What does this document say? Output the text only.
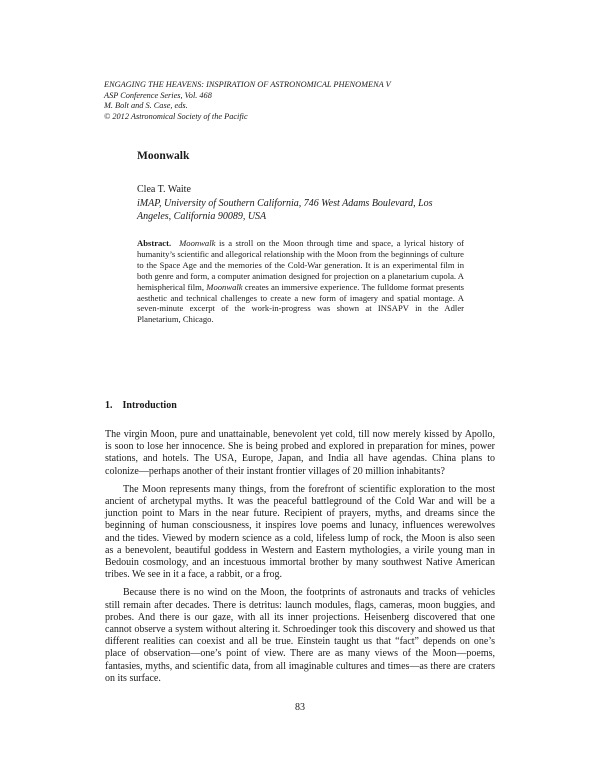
ENGAGING THE HEAVENS: INSPIRATION OF ASTRONOMICAL PHENOMENA V
ASP Conference Series, Vol. 468
M. Bolt and S. Case, eds.
© 2012 Astronomical Society of the Pacific
Moonwalk
Clea T. Waite
iMAP, University of Southern California, 746 West Adams Boulevard, Los Angeles, California 90089, USA
Abstract. Moonwalk is a stroll on the Moon through time and space, a lyrical history of humanity’s scientific and allegorical relationship with the Moon from the beginnings of culture to the Space Age and the memories of the Cold-War generation. It is an experimental film in both genre and form, a computer animation designed for projection on a planetarium cupola. A hemispherical film, Moonwalk creates an immersive experience. The fulldome format presents aesthetic and technical challenges to create a new form of imagery and spatial montage. A seven-minute excerpt of the work-in-progress was shown at INSAPV in the Adler Planetarium, Chicago.
1. Introduction

The virgin Moon, pure and unattainable, benevolent yet cold, till now merely kissed by Apollo, is soon to lose her innocence. She is being probed and explored in preparation for mines, power stations, and hotels. The USA, Europe, Japan, and India all have agendas. China plans to colonize—perhaps another of their instant frontier villages of 20 million inhabitants?

The Moon represents many things, from the forefront of scientific exploration to the most ancient of archetypal myths. It was the peaceful battleground of the Cold War and will be a junction point to Mars in the near future. Recipient of prayers, myths, and dreams since the beginning of human consciousness, it inspires love poems and lunacy, influences werewolves and the tides. Viewed by modern science as a cold, lifeless lump of rock, the Moon is also seen as a benevolent, beautiful goddess in Western and Eastern mythologies, a virile young man in Bedouin cosmology, and an incestuous immortal brother by many southwest Native American tribes. We see in it a face, a rabbit, or a frog.

Because there is no wind on the Moon, the footprints of astronauts and tracks of vehicles still remain after decades. There is detritus: launch modules, flags, cameras, moon buggies, and probes. And there is our gaze, with all its inner projections. Heisenberg discovered that one cannot observe a system without altering it. Schroedinger took this discovery and showed us that different realities can coexist and all be true. Einstein taught us that “fact” depends on one’s place of observation—one’s point of view. There are as many views of the Moon—poems, fantasies, myths, and scientific data, from all imaginable cultures and times—as there are craters on its surface.

83
